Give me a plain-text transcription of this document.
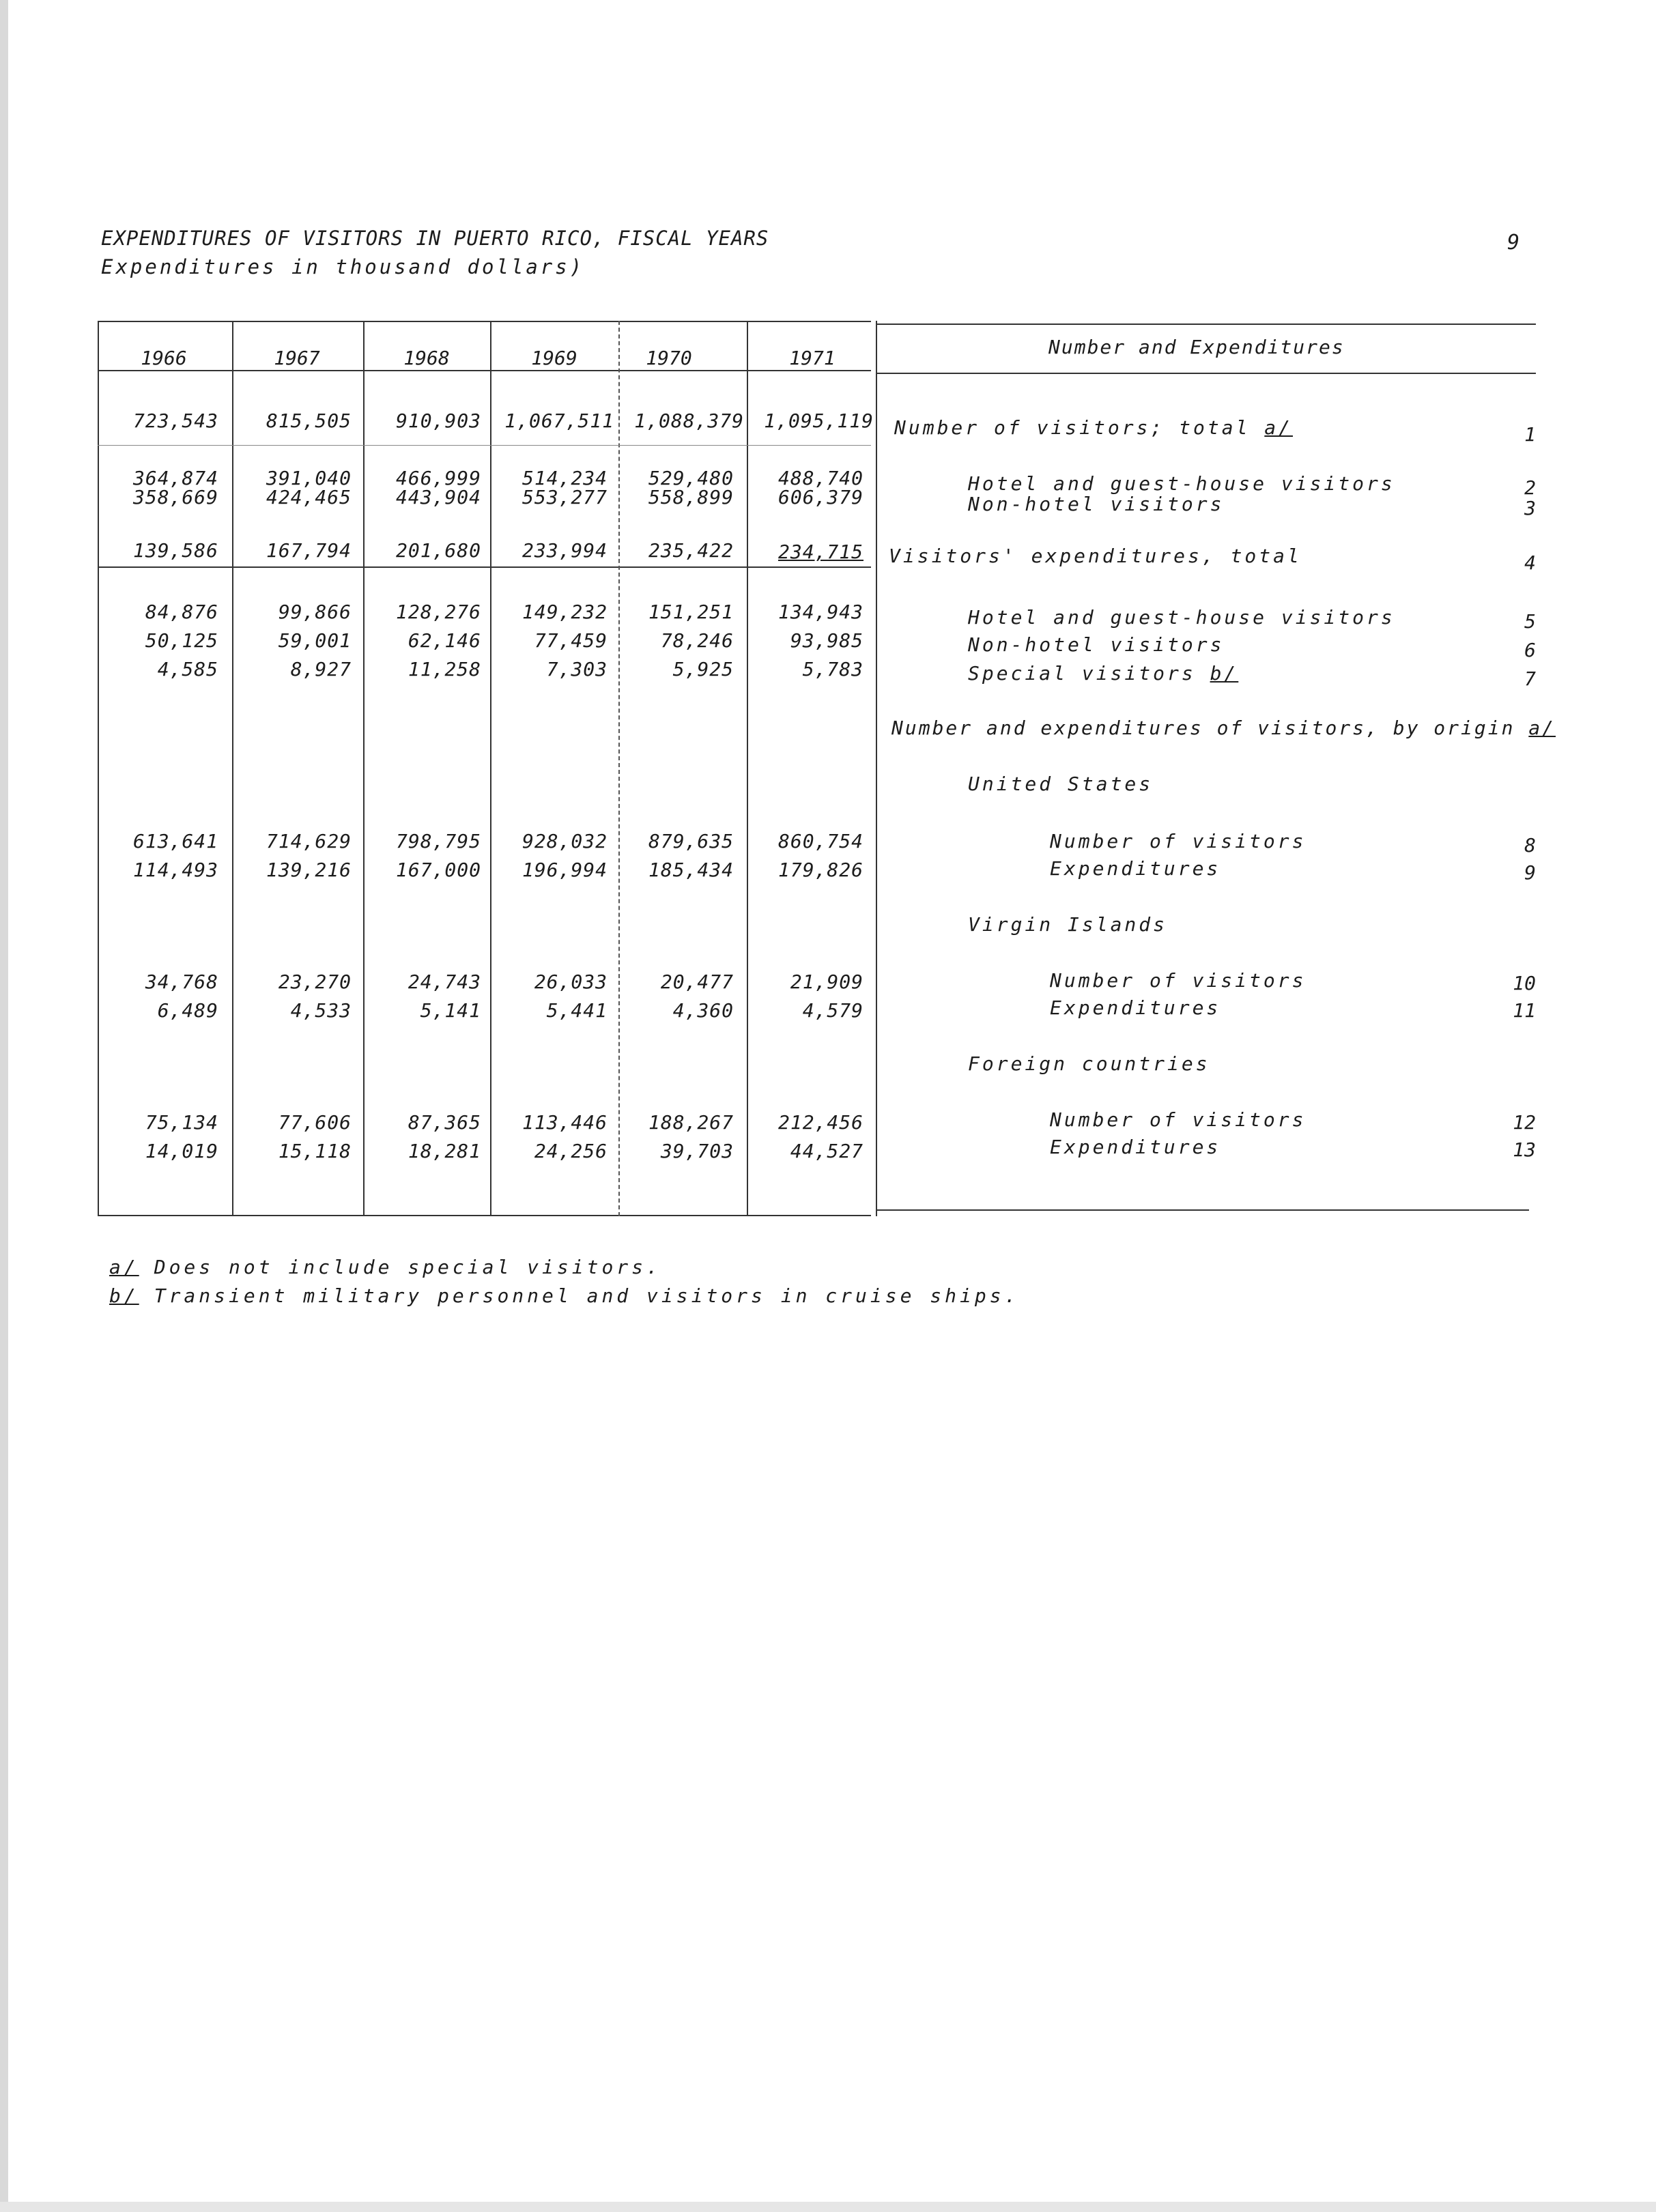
EXPENDITURES OF VISITORS IN PUERTO RICO, FISCAL YEARS
Expenditures in thousand dollars)
9
1966	1967	1968	1969	1970	1971	Number and Expenditures
723,543	815,505	910,903	1,067,511	1,088,379	1,095,119 Number of visitors; total a/	1
364,874	391,040	466,999	514,234	529,480	488,740	Hotel and guest-house visitors	2
358,669	424,465	443,904	553,277	558,899	606,379	Non-hotel visitors	3
139,586	167,794	201,680	233,994	235,422	234,715 Visitors' expenditures, total	4
84,876	99,866	128,276	149,232	151,251	134,943	Hotel and guest-house visitors	5
50,125	59,001	62,146	77,459	78,246	93,985	Non-hotel visitors	6
4,585	8,927	11,258	7,303	5,925	5,783	Special visitors b/	7
Number and expenditures of visitors, by origin a/
United States
613,641	714,629	798,795	928,032	879,635	860,754	Number of visitors	8
114,493	139,216	167,000	196,994	185,434	179,826	Expenditures	9
Virgin Islands
34,768	23,270	24,743	26,033	20,477	21,909	Number of visitors	10
6,489	4,533	5,141	5,441	4,360	4,579	Expenditures	11
Foreign countries
75,134	77,606	87,365	113,446	188,267	212,456	Number of visitors	12
14,019	15,118	18,281	24,256	39,703	44,527	Expenditures	13
a/ Does not include special visitors.
b/ Transient military personnel and visitors in cruise ships.
